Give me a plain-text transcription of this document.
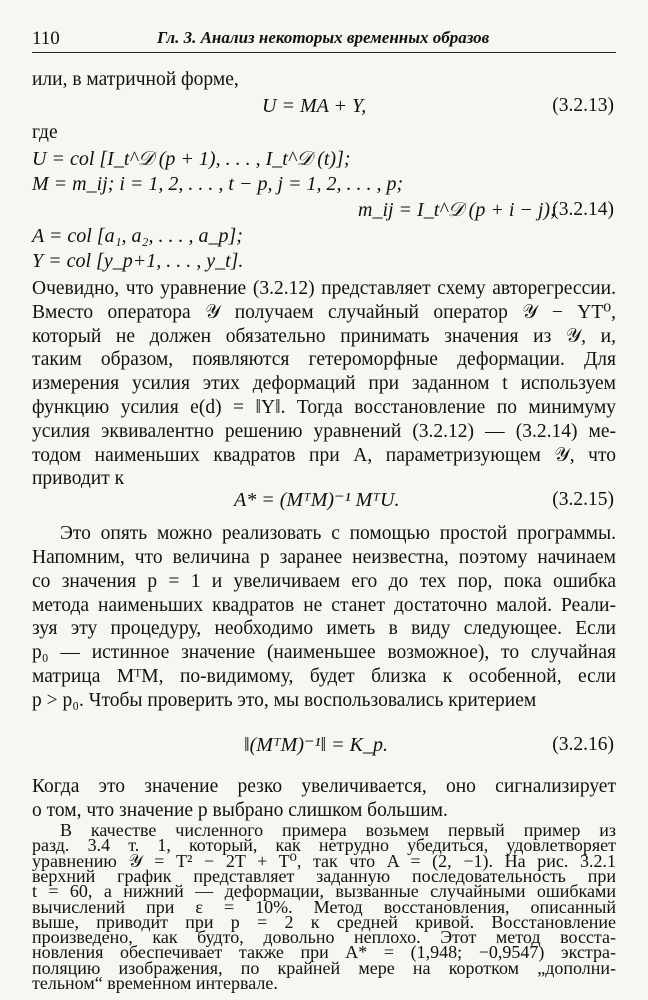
110	Гл. 3. Анализ некоторых временных образов
или, в матричной форме,
U = MA + Y,	(3.2.13)
где
U = col [I_t^𝒟 (p + 1), . . . , I_t^𝒟 (t)];
M = m_ij; i = 1, 2, . . . , t − p, j = 1, 2, . . . , p;
m_ij = I_t^𝒟 (p + i − j);
(3.2.14)
A = col [a₁, a₂, . . . , a_p];
Y = col [y_p+1, . . . , y_t].
Очевидно, что уравнение (3.2.12) представляет схему авторегрессии.
Вместо оператора 𝒴 получаем случайный оператор 𝒴 − YT⁰,
который не должен обязательно принимать значения из 𝒴, и,
таким образом, появляются гетероморфные деформации. Для
измерения усилия этих деформаций при заданном t используем
функцию усилия e(d) = ‖Y‖. Тогда восстановление по минимуму
усилия эквивалентно решению уравнений (3.2.12) — (3.2.14) ме-
тодом наименьших квадратов при A, параметризующем 𝒴, что
приводит к
A* = (MᵀM)⁻¹ MᵀU.	(3.2.15)
Это опять можно реализовать с помощью простой программы.
Напомним, что величина p заранее неизвестна, поэтому начинаем
со значения p = 1 и увеличиваем его до тех пор, пока ошибка
метода наименьших квадратов не станет достаточно малой. Реали-
зуя эту процедуру, необходимо иметь в виду следующее. Если
p₀ — истинное значение (наименьшее возможное), то случайная
матрица MᵀM, по-видимому, будет близка к особенной, если
p > p₀. Чтобы проверить это, мы воспользовались критерием
‖(MᵀM)⁻¹‖ = K_p.	(3.2.16)
Когда это значение резко увеличивается, оно сигнализирует
о том, что значение p выбрано слишком большим.
В качестве численного примера возьмем первый пример из
разд. 3.4 т. 1, который, как нетрудно убедиться, удовлетворяет
уравнению 𝒴 = T² − 2T + T⁰, так что A = (2, −1). На рис. 3.2.1
верхний график представляет заданную последовательность при
t = 60, а нижний — деформации, вызванные случайными ошибками
вычислений при ε = 10%. Метод восстановления, описанный
выше, приводит при p = 2 к средней кривой. Восстановление
произведено, как будто, довольно неплохо. Этот метод восста-
новления обеспечивает также при A* = (1,948; −0,9547) экстра-
поляцию изображения, по крайней мере на коротком „дополни-
тельном“ временно́м интервале.
